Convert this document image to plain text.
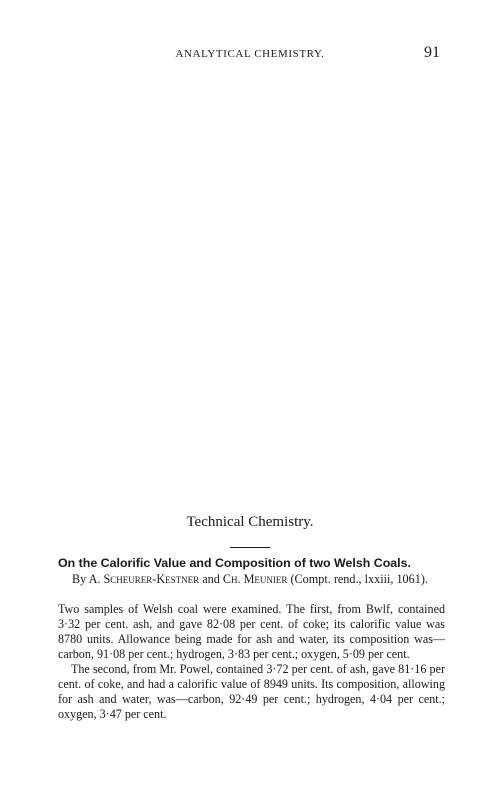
ANALYTICAL CHEMISTRY.	91
Technical Chemistry.
On the Calorific Value and Composition of two Welsh Coals.
By A. Scheurer-Kestner and Ch. Meunier (Compt. rend., lxxiii, 1061).

Two samples of Welsh coal were examined. The first, from Bwlf, contained 3·32 per cent. ash, and gave 82·08 per cent. of coke; its calorific value was 8780 units. Allowance being made for ash and water, its composition was—carbon, 91·08 per cent.; hydrogen, 3·83 per cent.; oxygen, 5·09 per cent.

The second, from Mr. Powel, contained 3·72 per cent. of ash, gave 81·16 per cent. of coke, and had a calorific value of 8949 units. Its composition, allowing for ash and water, was—carbon, 92·49 per cent.; hydrogen, 4·04 per cent.; oxygen, 3·47 per cent.
